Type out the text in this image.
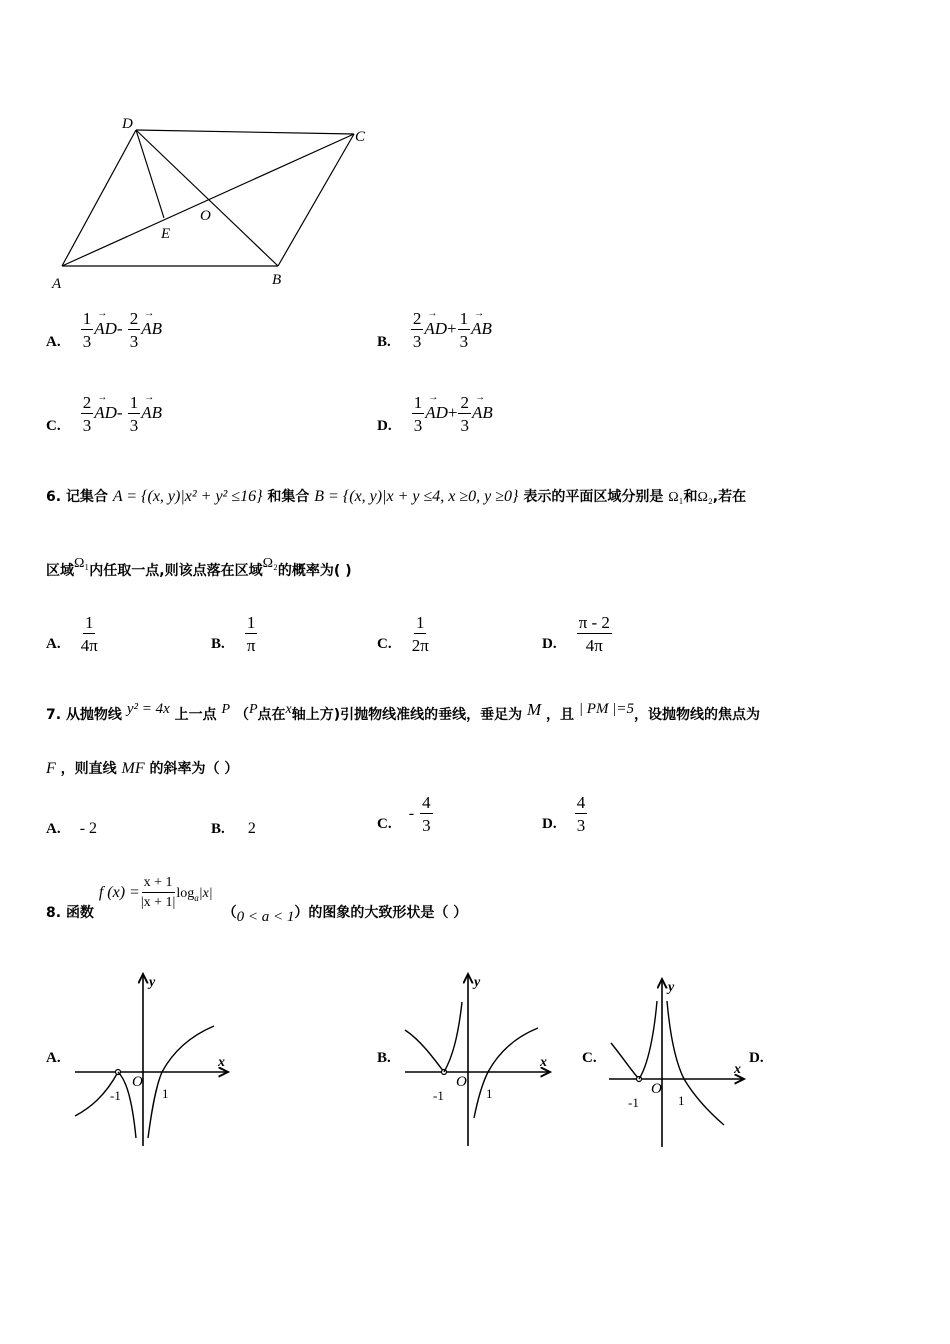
D
C
O
E
A	B
A. $\frac{1}{3} \to AD- \frac{2}{3}$ → AB
B. $\frac{2}{3} \to AD+ \frac{1}{3}$ → AB
C. $\frac{2}{3} \to AD- \frac{1}{3}$ → AB
D. $\frac{1}{3} \to AD+ \frac{2}{3}$ → AB
6. 记集合 A = {(x, y)|x² + y² ≤16} 和集合 B = {(x, y)|x + y ≤4, x ≥0, y ≥0} 表示的平面区域分别是 Ω₁和Ω₂,若在
区域Ω₁内任取一点,则该点落在区域Ω₂的概率为( )
A. $\frac{1}{4\pi}$	B. $\frac{1}{\pi}$	C. $\frac{1}{2\pi}$	D. $\frac{\pi - 2}{4\pi}$
7. 从抛物线 y² = 4x 上一点 P （P点在x轴上方)引抛物线准线的垂线，垂足为 M ，且 | PM |=5，设抛物线的焦点为
F ，则直线 MF 的斜率为（ ）
A. - 2	B. 2	C. - $\frac{4}{3}$	D. $\frac{4}{3}$
8. 函数 f $(x) = \frac{x + 1}{|x + 1|} \log_a|x|$ （0 < a < 1）的图象的大致形状是（ ）
A.	B.	C.	D.
y
x
O
-1	1
y
x
O
-1	1
y
x
O
-1	1
